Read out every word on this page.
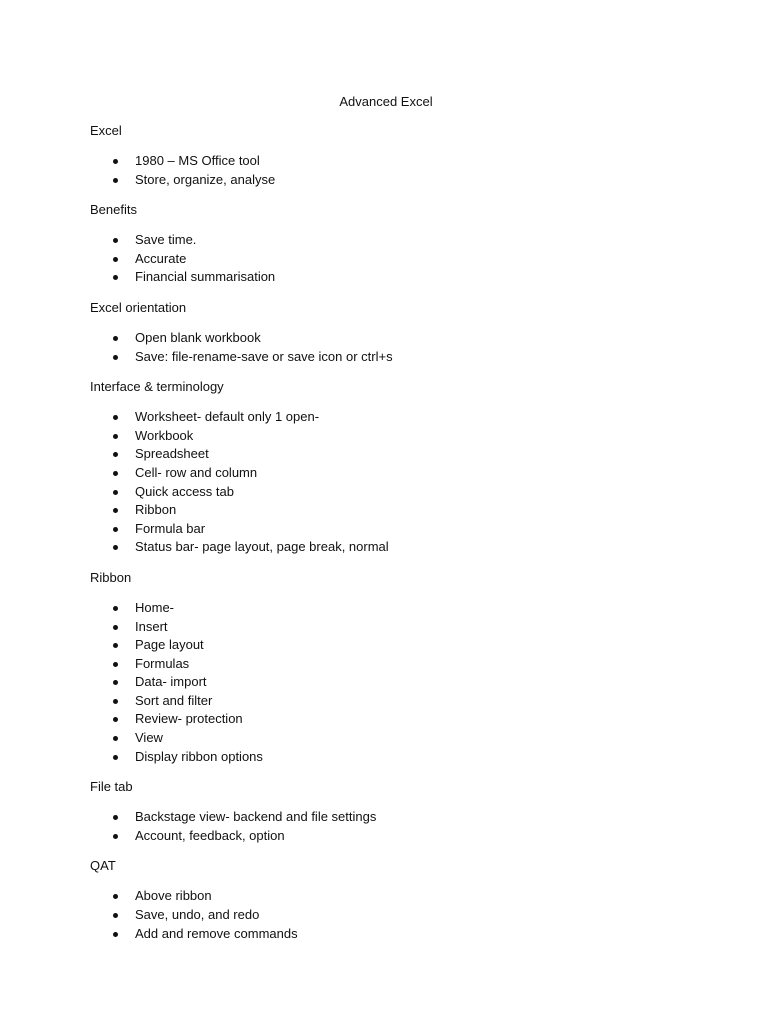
Advanced Excel
Excel
1980 – MS Office tool
Store, organize, analyse
Benefits
Save time.
Accurate
Financial summarisation
Excel orientation
Open blank workbook
Save: file-rename-save or save icon or ctrl+s
Interface & terminology
Worksheet- default only 1 open-
Workbook
Spreadsheet
Cell- row and column
Quick access tab
Ribbon
Formula bar
Status bar- page layout, page break, normal
Ribbon
Home-
Insert
Page layout
Formulas
Data- import
Sort and filter
Review- protection
View
Display ribbon options
File tab
Backstage view- backend and file settings
Account, feedback, option
QAT
Above ribbon
Save, undo, and redo
Add and remove commands
